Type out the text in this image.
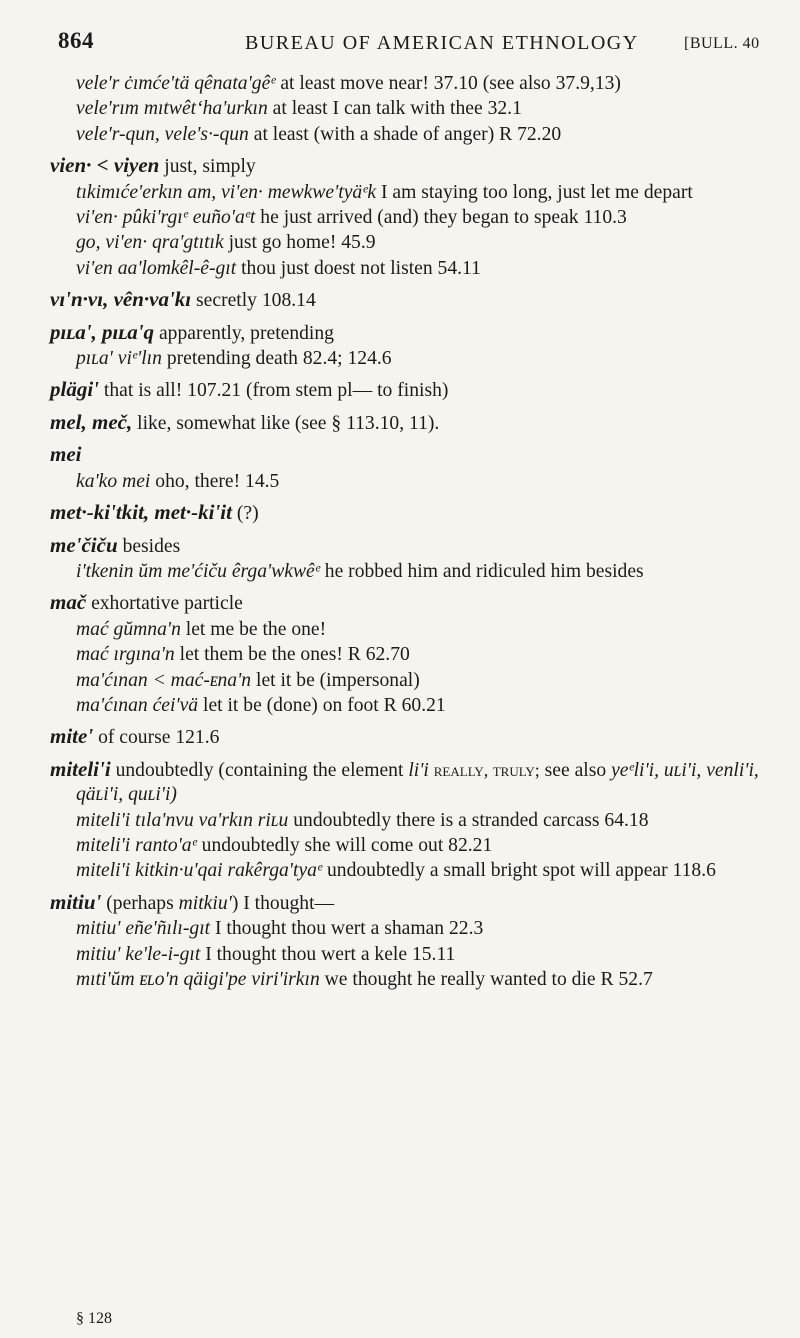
864	BUREAU OF AMERICAN ETHNOLOGY	[BULL. 40
vele'r ċımće'tä qênata'gêᵉ at least move near! 37.10 (see also 37.9,13)
vele'rım mıtwêt‘ha'urkın at least I can talk with thee 32.1
vele'r-qun, vele's·-qun at least (with a shade of anger) R 72.20
vien· < viyen just, simply
tıkimıće'erkın am, vi'en· mewkwe'tyäᵉk I am staying too long, just let me depart
vi'en· pûki'rgıᵉ euño'aᵉt he just arrived (and) they began to speak 110.3
go, vi'en· qra'gtıtık just go home! 45.9
vi'en aa'lomkêl-ê-gıt thou just doest not listen 54.11
vı'n·vı, vên·va'kı secretly 108.14
pıʟa', pıʟa'q apparently, pretending
pıʟa' viᵉ'lın pretending death 82.4; 124.6
plägi' that is all! 107.21 (from stem pl— to finish)
mel, meč, like, somewhat like (see § 113.10, 11).
mei
ka'ko mei oho, there! 14.5
met·-ki'tkit, met·-ki'it (?)
me'čiču besides
i'tkenin ŭm me'ćiču êrga'wkwêᵉ he robbed him and ridiculed him besides
mač exhortative particle
mać gŭmna'n let me be the one!
mać ırgına'n let them be the ones! R 62.70
ma'ćınan < mać-ᴇna'n let it be (impersonal)
ma'ćınan ćei'vä let it be (done) on foot R 60.21
mite' of course 121.6
miteli'i undoubtedly (containing the element li'i really, truly; see also yeᵉli'i, uʟi'i, venli'i, qäʟi'i, quʟi'i)
miteli'i tıla'nvu va'rkın riʟu undoubtedly there is a stranded carcass 64.18
miteli'i ranto'aᵉ undoubtedly she will come out 82.21
miteli'i kitkin·u'qai rakêrga'tyaᵉ undoubtedly a small bright spot will appear 118.6
mitiu' (perhaps mitkiu') I thought—
mitiu' eñe'ñılı-gıt I thought thou wert a shaman 22.3
mitiu' ke'le-i-gıt I thought thou wert a kele 15.11
mıti'ŭm ᴇʟo'n qäigi'pe viri'irkın we thought he really wanted to die R 52.7
§ 128
